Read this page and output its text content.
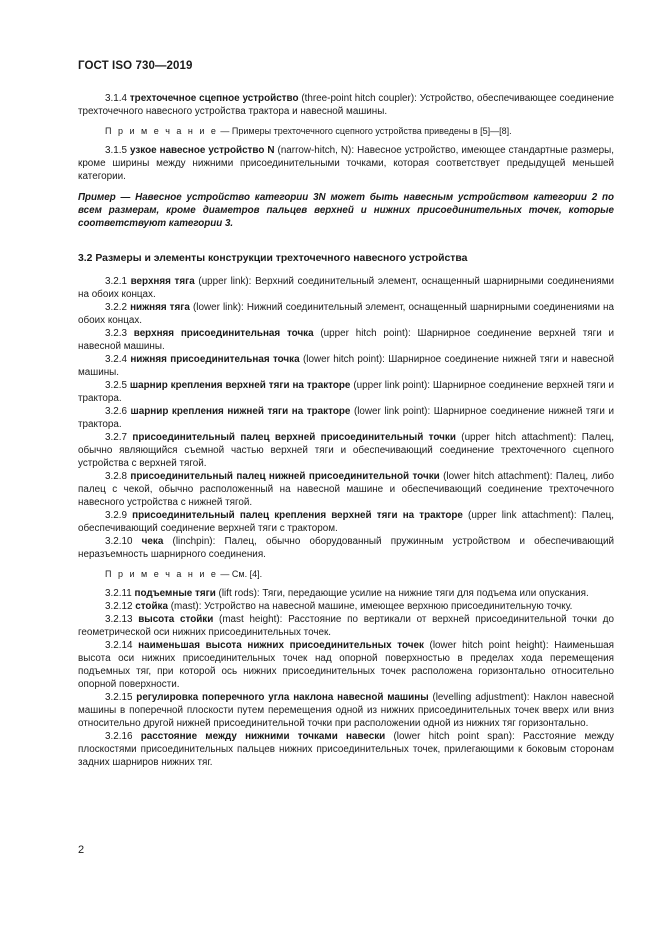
ГОСТ ISO 730—2019

3.1.4 трехточечное сцепное устройство (three-point hitch coupler): Устройство, обеспечивающее соединение трехточечного навесного устройства трактора и навесной машины.

П р и м е ч а н и е — Примеры трехточечного сцепного устройства приведены в [5]—[8].

3.1.5 узкое навесное устройство N (narrow-hitch, N): Навесное устройство, имеющее стандартные размеры, кроме ширины между нижними присоединительными точками, которая соответствует предыдущей меньшей категории.

Пример — Навесное устройство категории 3N может быть навесным устройством категории 2 по всем размерам, кроме диаметров пальцев верхней и нижних присоединительных точек, которые соответствуют категории 3.

3.2 Размеры и элементы конструкции трехточечного навесного устройства

3.2.1 верхняя тяга (upper link): Верхний соединительный элемент, оснащенный шарнирными соединениями на обоих концах.

3.2.2 нижняя тяга (lower link): Нижний соединительный элемент, оснащенный шарнирными соединениями на обоих концах.

3.2.3 верхняя присоединительная точка (upper hitch point): Шарнирное соединение верхней тяги и навесной машины.

3.2.4 нижняя присоединительная точка (lower hitch point): Шарнирное соединение нижней тяги и навесной машины.

3.2.5 шарнир крепления верхней тяги на тракторе (upper link point): Шарнирное соединение верхней тяги и трактора.

3.2.6 шарнир крепления нижней тяги на тракторе (lower link point): Шарнирное соединение нижней тяги и трактора.

3.2.7 присоединительный палец верхней присоединительный точки (upper hitch attachment): Палец, обычно являющийся съемной частью верхней тяги и обеспечивающий соединение трехточечного сцепного устройства с верхней тягой.

3.2.8 присоединительный палец нижней присоединительной точки (lower hitch attachment): Палец, либо палец с чекой, обычно расположенный на навесной машине и обеспечивающий соединение трехточечного навесного устройства с нижней тягой.

3.2.9 присоединительный палец крепления верхней тяги на тракторе (upper link attachment): Палец, обеспечивающий соединение верхней тяги с трактором.

3.2.10 чека (linchpin): Палец, обычно оборудованный пружинным устройством и обеспечивающий неразъемность шарнирного соединения.

П р и м е ч а н и е — См. [4].

3.2.11 подъемные тяги (lift rods): Тяги, передающие усилие на нижние тяги для подъема или опускания.

3.2.12 стойка (mast): Устройство на навесной машине, имеющее верхнюю присоединительную точку.

3.2.13 высота стойки (mast height): Расстояние по вертикали от верхней присоединительной точки до геометрической оси нижних присоединительных точек.

3.2.14 наименьшая высота нижних присоединительных точек (lower hitch point height): Наименьшая высота оси нижних присоединительных точек над опорной поверхностью в пределах хода перемещения подъемных тяг, при которой ось нижних присоединительных точек расположена горизонтально относительно опорной поверхности.

3.2.15 регулировка поперечного угла наклона навесной машины (levelling adjustment): Наклон навесной машины в поперечной плоскости путем перемещения одной из нижних присоединительных точек вверх или вниз относительно другой нижней присоединительной точки при расположении одной из нижних тяг горизонтально.

3.2.16 расстояние между нижними точками навески (lower hitch point span): Расстояние между плоскостями присоединительных пальцев нижних присоединительных точек, прилегающими к боковым сторонам задних шарниров нижних тяг.

2
